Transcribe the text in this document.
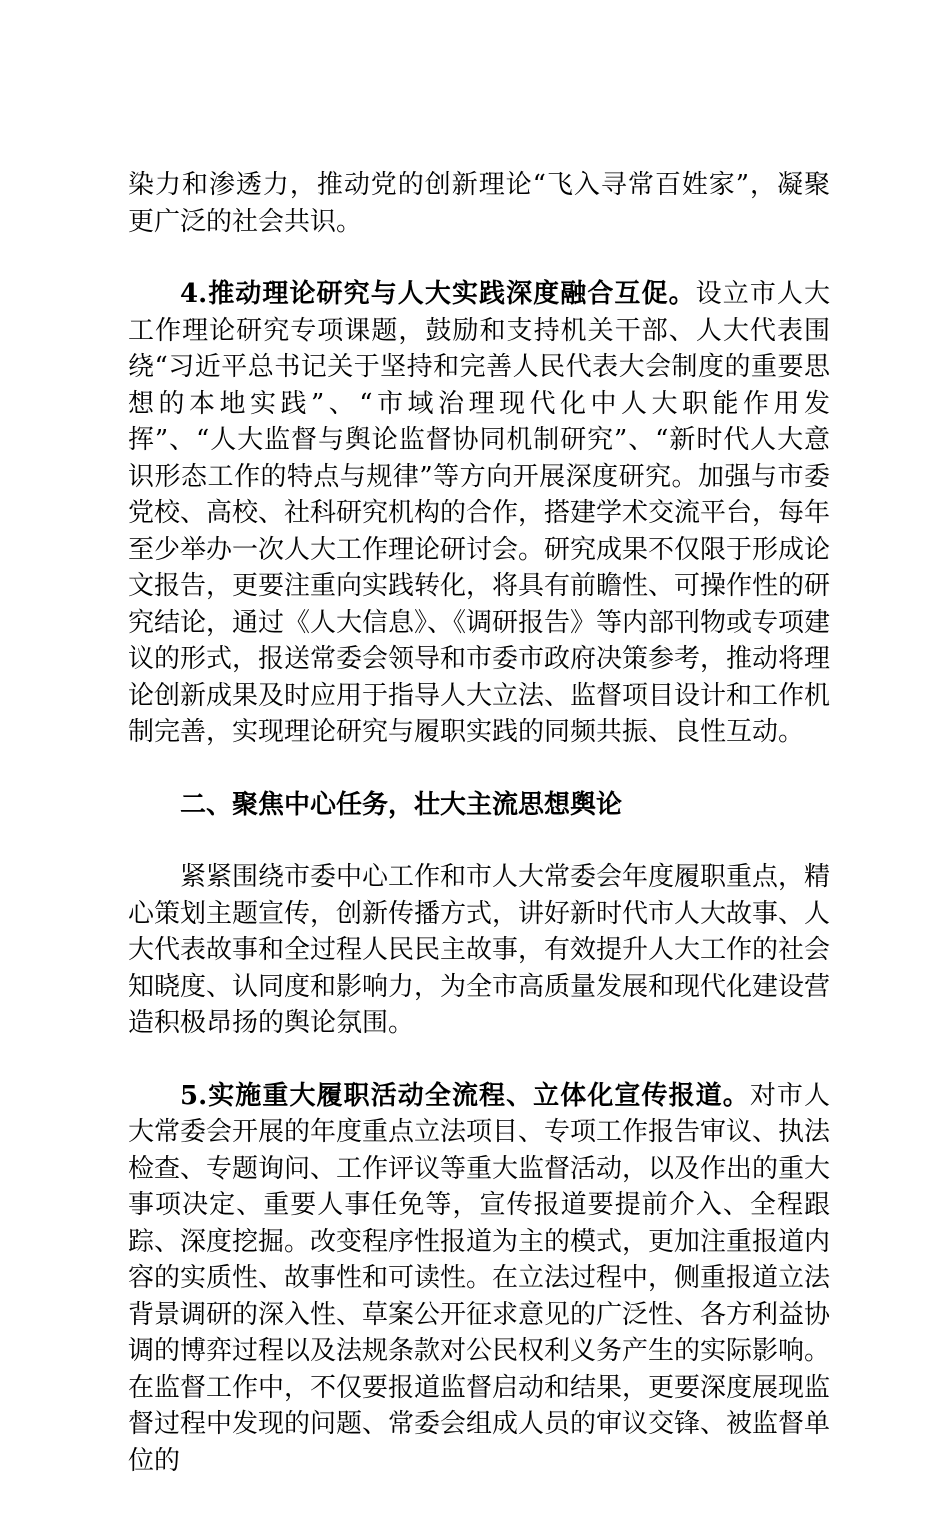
染力和渗透力，推动党的创新理论“飞入寻常百姓家”，凝聚更广泛的社会共识。

4.推动理论研究与人大实践深度融合互促。设立市人大工作理论研究专项课题，鼓励和支持机关干部、人大代表围绕“习近平总书记关于坚持和完善人民代表大会制度的重要思想的本地实践”、“市域治理现代化中人大职能作用发挥”、“人大监督与舆论监督协同机制研究”、“新时代人大意识形态工作的特点与规律”等方向开展深度研究。加强与市委党校、高校、社科研究机构的合作，搭建学术交流平台，每年至少举办一次人大工作理论研讨会。研究成果不仅限于形成论文报告，更要注重向实践转化，将具有前瞻性、可操作性的研究结论，通过《人大信息》、《调研报告》等内部刊物或专项建议的形式，报送常委会领导和市委市政府决策参考，推动将理论创新成果及时应用于指导人大立法、监督项目设计和工作机制完善，实现理论研究与履职实践的同频共振、良性互动。

二、聚焦中心任务，壮大主流思想舆论

紧紧围绕市委中心工作和市人大常委会年度履职重点，精心策划主题宣传，创新传播方式，讲好新时代市人大故事、人大代表故事和全过程人民民主故事，有效提升人大工作的社会知晓度、认同度和影响力，为全市高质量发展和现代化建设营造积极昂扬的舆论氛围。

5.实施重大履职活动全流程、立体化宣传报道。对市人大常委会开展的年度重点立法项目、专项工作报告审议、执法检查、专题询问、工作评议等重大监督活动，以及作出的重大事项决定、重要人事任免等，宣传报道要提前介入、全程跟踪、深度挖掘。改变程序性报道为主的模式，更加注重报道内容的实质性、故事性和可读性。在立法过程中，侧重报道立法背景调研的深入性、草案公开征求意见的广泛性、各方利益协调的博弈过程以及法规条款对公民权利义务产生的实际影响。在监督工作中，不仅要报道监督启动和结果，更要深度展现监督过程中发现的问题、常委会组成人员的审议交锋、被监督单位的
